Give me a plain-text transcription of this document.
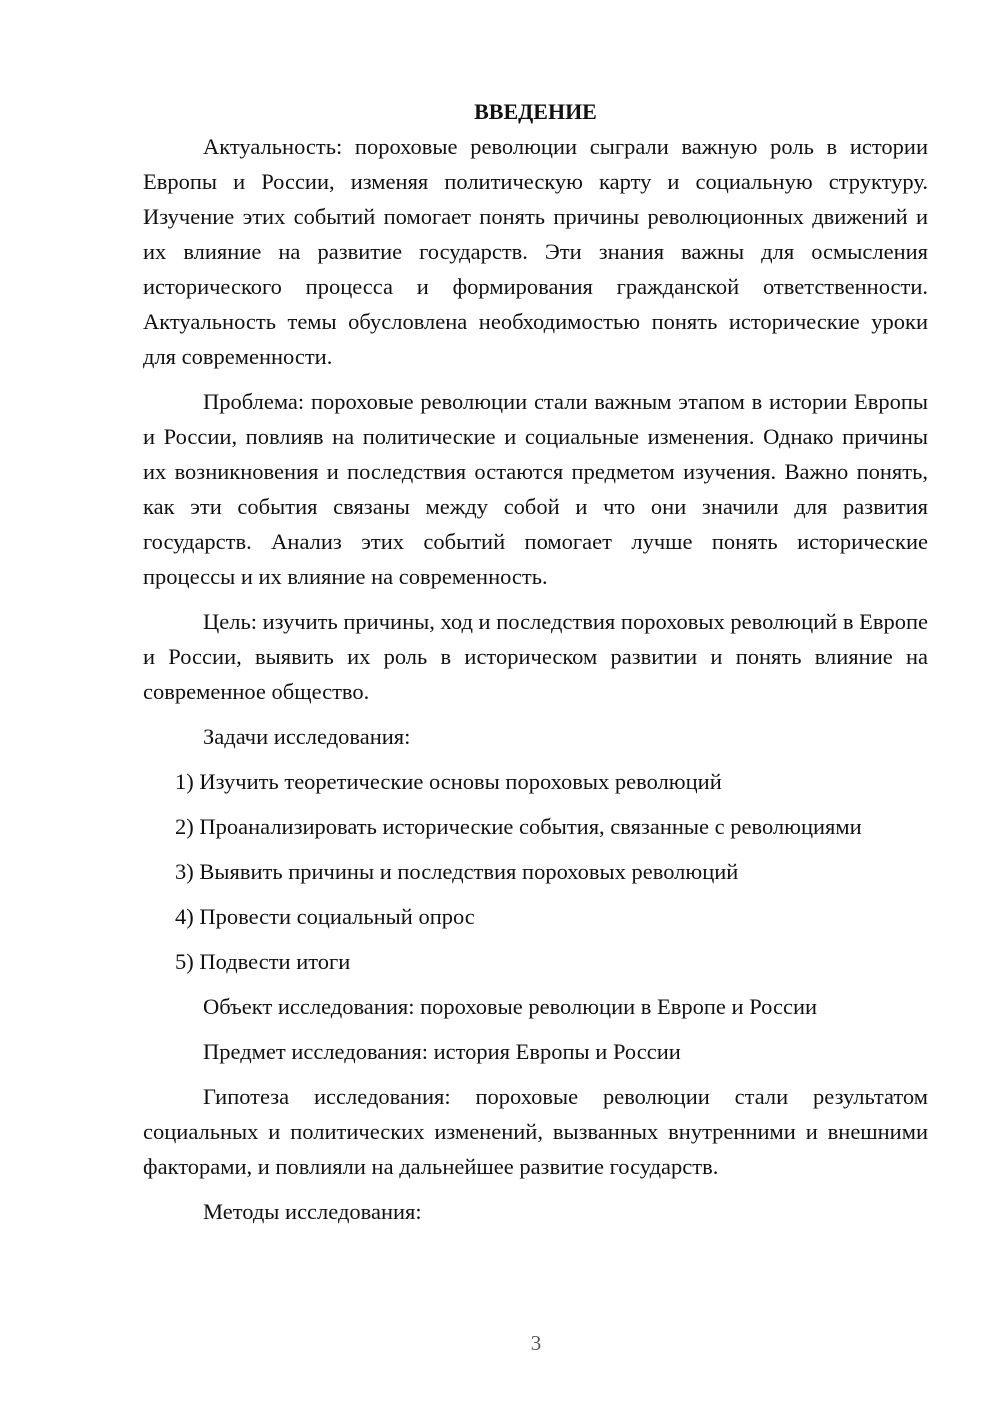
ВВЕДЕНИЕ

Актуальность: пороховые революции сыграли важную роль в истории Европы и России, изменяя политическую карту и социальную структуру. Изучение этих событий помогает понять причины революционных движений и их влияние на развитие государств. Эти знания важны для осмысления исторического процесса и формирования гражданской ответственности. Актуальность темы обусловлена необходимостью понять исторические уроки для современности.

Проблема: пороховые революции стали важным этапом в истории Европы и России, повлияв на политические и социальные изменения. Однако причины их возникновения и последствия остаются предметом изучения. Важно понять, как эти события связаны между собой и что они значили для развития государств. Анализ этих событий помогает лучше понять исторические процессы и их влияние на современность.

Цель: изучить причины, ход и последствия пороховых революций в Европе и России, выявить их роль в историческом развитии и понять влияние на современное общество.

Задачи исследования:

1) Изучить теоретические основы пороховых революций

2) Проанализировать исторические события, связанные с революциями

3) Выявить причины и последствия пороховых революций

4) Провести социальный опрос

5) Подвести итоги

Объект исследования: пороховые революции в Европе и России

Предмет исследования: история Европы и России

Гипотеза исследования: пороховые революции стали результатом социальных и политических изменений, вызванных внутренними и внешними факторами, и повлияли на дальнейшее развитие государств.

Методы исследования:

3
